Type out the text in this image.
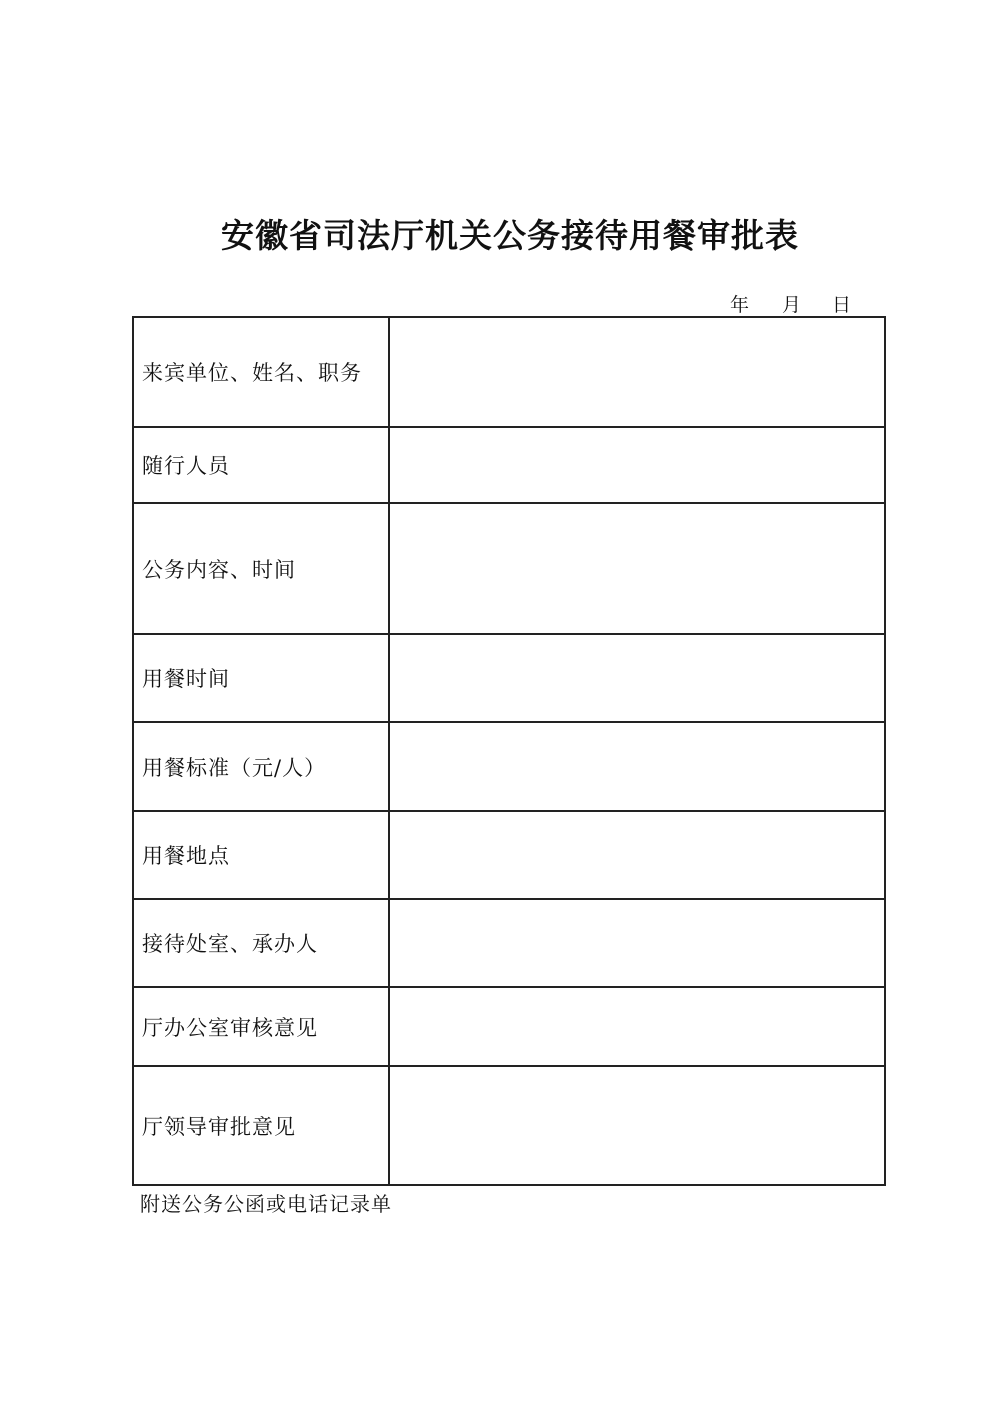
安徽省司法厅机关公务接待用餐审批表
年 月 日
来宾单位、姓名、职务	
随行人员	
公务内容、时间	
用餐时间	
用餐标准（元/人）	
用餐地点	
接待处室、承办人	
厅办公室审核意见	
厅领导审批意见	
附送公务公函或电话记录单
